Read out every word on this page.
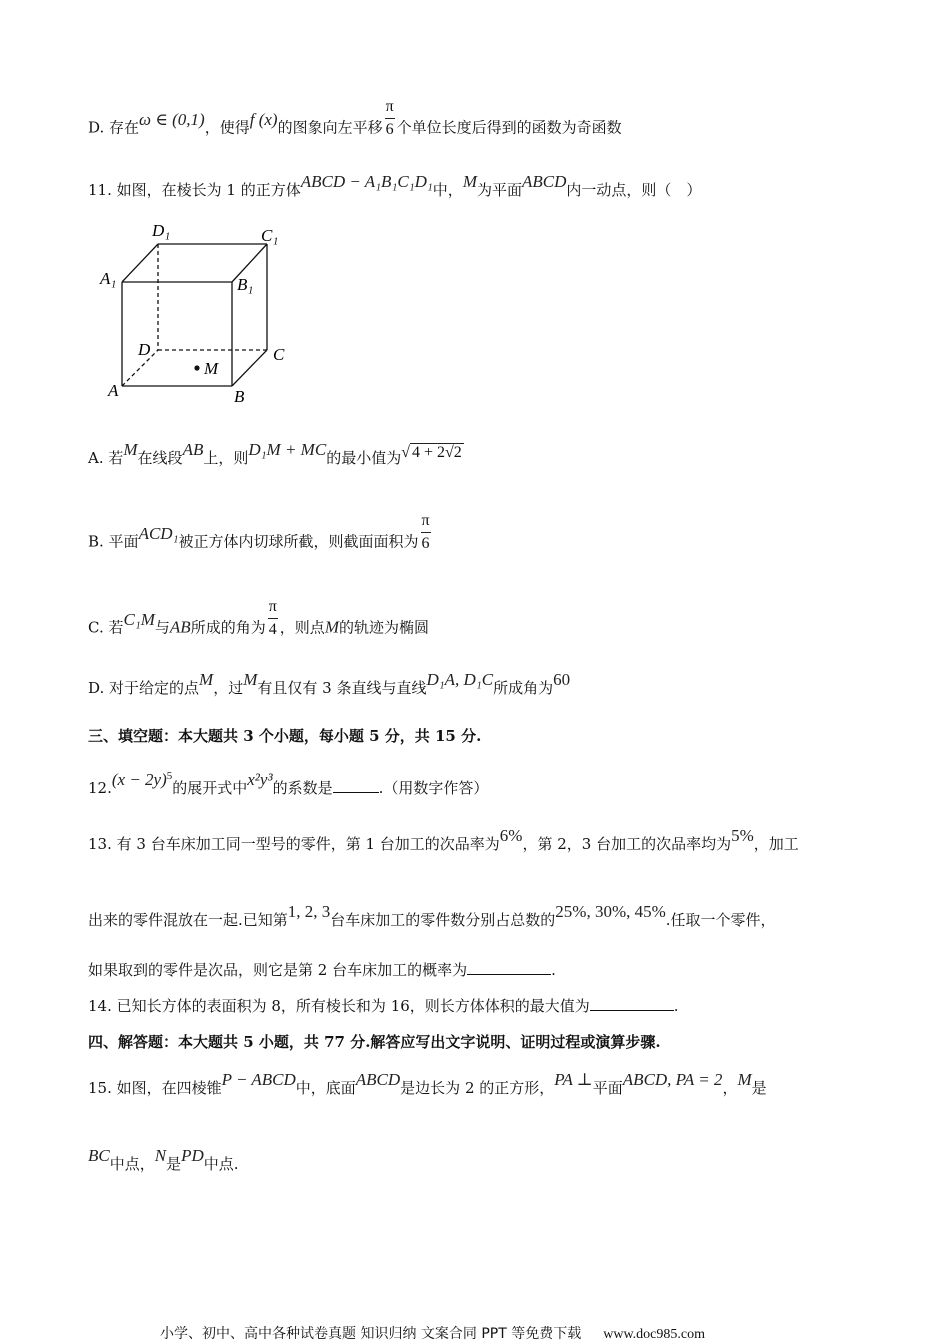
D. 存在ω ∈ (0,1)，使得f (x)的图象向左平移 $\frac{\pi}{6}$ 个单位长度后得到的函数为奇函数
11. 如图，在棱长为 1 的正方体ABCD − A₁B₁C₁D₁中，M为平面ABCD内一动点，则（　）
D₁	C₁
A₁	B₁
D	C
A	B
M
A. 若M在线段AB上，则D₁M + MC的最小值为√ 4 + 2√2
B. 平面ACD₁被正方体内切球所截，则截面面积为 $\frac{\pi}{6}$
C. 若C₁M与AB所成的角为 $\frac{\pi}{4}$ ，则点M的轨迹为椭圆
D. 对于给定的点M，过M有且仅有 3 条直线与直线D₁A, D₁C所成角为60
三、填空题：本大题共 3 个小题，每小题 5 分，共 15 分.
$12.(x - 2y)^5$的展开式中x²y³的系数是	.（用数字作答）
13. 有 3 台车床加工同一型号的零件，第 1 台加工的次品率为6%，第 2，3 台加工的次品率均为5%，加工
出来的零件混放在一起.已知第1, 2, 3台车床加工的零件数分别占总数的25%, 30%, 45%.任取一个零件，
如果取到的零件是次品，则它是第 2 台车床加工的概率为	.
14. 已知长方体的表面积为 8，所有棱长和为 16，则长方体体积的最大值为	.
四、解答题：本大题共 5 小题，共 77 分.解答应写出文字说明、证明过程或演算步骤.
15. 如图，在四棱锥P − ABCD中，底面ABCD是边长为 2 的正方形，PA ⊥平面ABCD, PA = 2，M是
BC中点，N是PD中点.
小学、初中、高中各种试卷真题 知识归纳 文案合同 PPT 等免费下载 www.doc985.com
